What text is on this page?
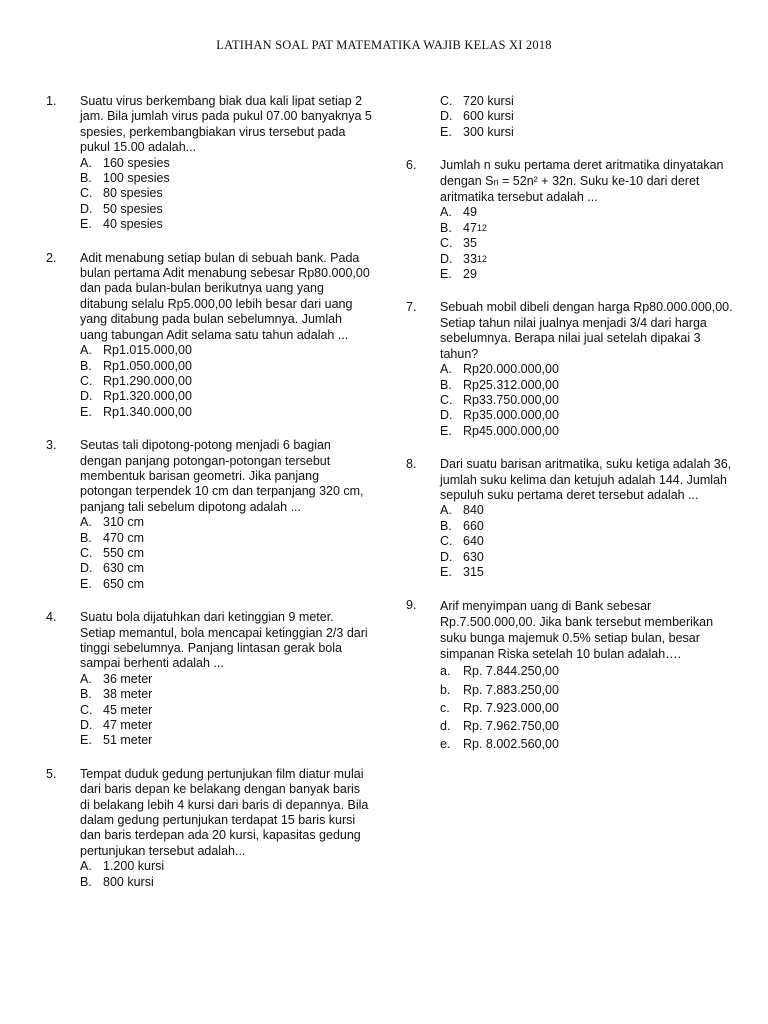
LATIHAN SOAL PAT MATEMATIKA WAJIB KELAS XI 2018
1. Suatu virus berkembang biak dua kali lipat setiap 2 jam. Bila jumlah virus pada pukul 07.00 banyaknya 5 spesies, perkembangbiakan virus tersebut pada pukul 15.00 adalah...
A. 160 spesies
B. 100 spesies
C. 80 spesies
D. 50 spesies
E. 40 spesies
2. Adit menabung setiap bulan di sebuah bank. Pada bulan pertama Adit menabung sebesar Rp80.000,00 dan pada bulan-bulan berikutnya uang yang ditabung selalu Rp5.000,00 lebih besar dari uang yang ditabung pada bulan sebelumnya. Jumlah uang tabungan Adit selama satu tahun adalah ...
A. Rp1.015.000,00
B. Rp1.050.000,00
C. Rp1.290.000,00
D. Rp1.320.000,00
E. Rp1.340.000,00
3. Seutas tali dipotong-potong menjadi 6 bagian dengan panjang potongan-potongan tersebut membentuk barisan geometri. Jika panjang potongan terpendek 10 cm dan terpanjang 320 cm, panjang tali sebelum dipotong adalah ...
A. 310 cm
B. 470 cm
C. 550 cm
D. 630 cm
E. 650 cm
4. Suatu bola dijatuhkan dari ketinggian 9 meter. Setiap memantul, bola mencapai ketinggian 2/3 dari tinggi sebelumnya. Panjang lintasan gerak bola sampai berhenti adalah ...
A. 36 meter
B. 38 meter
C. 45 meter
D. 47 meter
E. 51 meter
5. Tempat duduk gedung pertunjukan film diatur mulai dari baris depan ke belakang dengan banyak baris di belakang lebih 4 kursi dari baris di depannya. Bila dalam gedung pertunjukan terdapat 15 baris kursi dan baris terdepan ada 20 kursi, kapasitas gedung pertunjukan tersebut adalah...
A. 1.200 kursi
B. 800 kursi
C. 720 kursi
D. 600 kursi
E. 300 kursi
6. Jumlah n suku pertama deret aritmatika dinyatakan dengan Sn = 52n² + 32n. Suku ke-10 dari deret aritmatika tersebut adalah ...
A. 49
B. 47 12
C. 35
D. 33 12
E. 29
7. Sebuah mobil dibeli dengan harga Rp80.000.000,00. Setiap tahun nilai jualnya menjadi 3/4 dari harga sebelumnya. Berapa nilai jual setelah dipakai 3 tahun?
A. Rp20.000.000,00
B. Rp25.312.000,00
C. Rp33.750.000,00
D. Rp35.000.000,00
E. Rp45.000.000,00
8. Dari suatu barisan aritmatika, suku ketiga adalah 36, jumlah suku kelima dan ketujuh adalah 144. Jumlah sepuluh suku pertama deret tersebut adalah ...
A. 840
B. 660
C. 640
D. 630
E. 315
9. Arif menyimpan uang di Bank sebesar Rp.7.500.000,00. Jika bank tersebut memberikan suku bunga majemuk 0.5% setiap bulan, besar simpanan Riska setelah 10 bulan adalah….
a.	Rp. 7.844.250,00
b.	Rp. 7.883.250,00
c.	Rp. 7.923.000,00
d.	Rp. 7.962.750,00
e.	Rp. 8.002.560,00
